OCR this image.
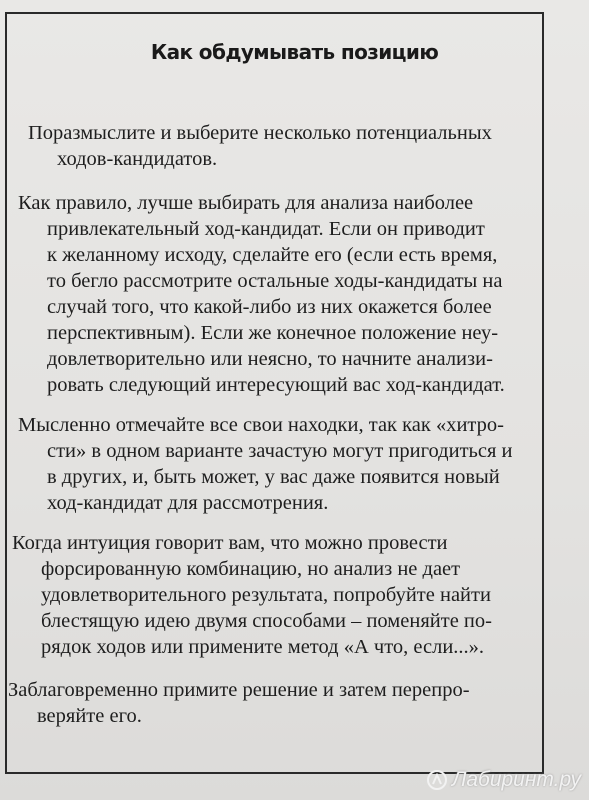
Как обдумывать позицию
Поразмыслите и выберите несколько потенциальных
ходов-кандидатов.
Как правило, лучше выбирать для анализа наиболее
привлекательный ход-кандидат. Если он приводит
к желанному исходу, сделайте его (если есть время,
то бегло рассмотрите остальные ходы-кандидаты на
случай того, что какой-либо из них окажется более
перспективным). Если же конечное положение неу-
довлетворительно или неясно, то начните анализи-
ровать следующий интересующий вас ход-кандидат.
Мысленно отмечайте все свои находки, так как «хитро-
сти» в одном варианте зачастую могут пригодиться и
в других, и, быть может, у вас даже появится новый
ход-кандидат для рассмотрения.
Когда интуиция говорит вам, что можно провести
форсированную комбинацию, но анализ не дает
удовлетворительного результата, попробуйте найти
блестящую идею двумя способами – поменяйте по-
рядок ходов или примените метод «А что, если...».
Заблаговременно примите решение и затем перепро-
веряйте его.
Лабиринт.ру
